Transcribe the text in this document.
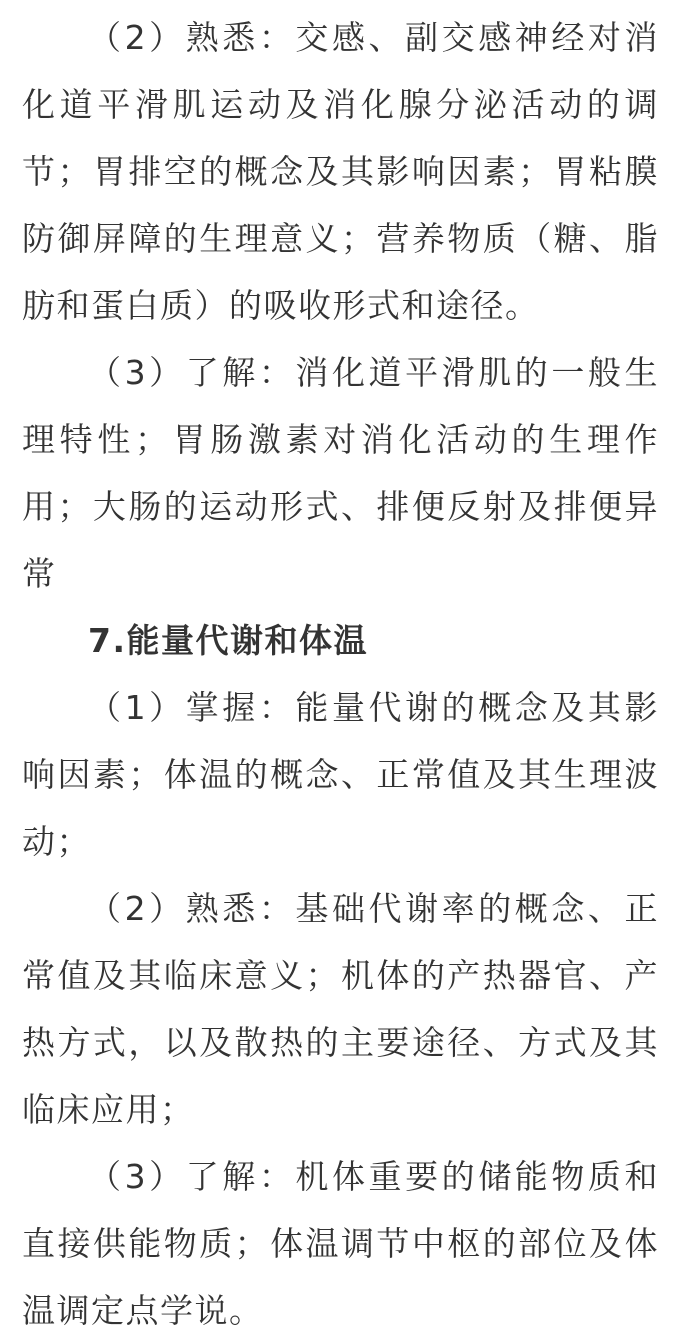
（2）熟悉：交感、副交感神经对消化道平滑肌运动及消化腺分泌活动的调节；胃排空的概念及其影响因素；胃粘膜防御屏障的生理意义；营养物质（糖、脂肪和蛋白质）的吸收形式和途径。

（3）了解：消化道平滑肌的一般生理特性；胃肠激素对消化活动的生理作用；大肠的运动形式、排便反射及排便异常

7.能量代谢和体温

（1）掌握：能量代谢的概念及其影响因素；体温的概念、正常值及其生理波动；

（2）熟悉：基础代谢率的概念、正常值及其临床意义；机体的产热器官、产热方式，以及散热的主要途径、方式及其临床应用；

（3）了解：机体重要的储能物质和直接供能物质；体温调节中枢的部位及体温调定点学说。
